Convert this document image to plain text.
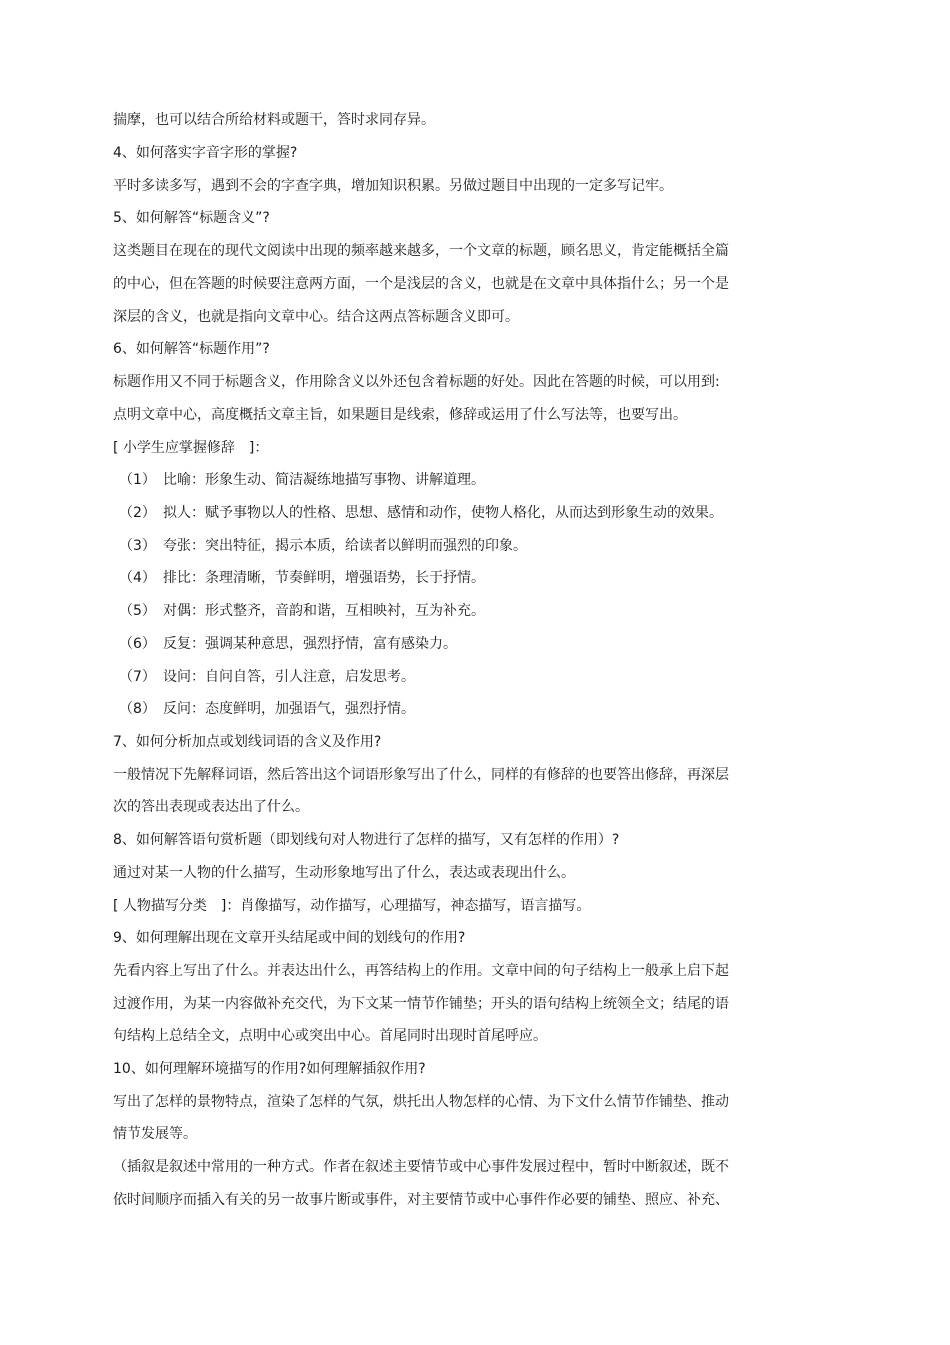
揣摩，也可以结合所给材料或题干，答时求同存异。
4、如何落实字音字形的掌握?
平时多读多写，遇到不会的字查字典，增加知识积累。另做过题目中出现的一定多写记牢。
5、如何解答“标题含义”?
这类题目在现在的现代文阅读中出现的频率越来越多，一个文章的标题，顾名思义，肯定能概括全篇
的中心，但在答题的时候要注意两方面，一个是浅层的含义，也就是在文章中具体指什么；另一个是
深层的含义，也就是指向文章中心。结合这两点答标题含义即可。
6、如何解答“标题作用”?
标题作用又不同于标题含义，作用除含义以外还包含着标题的好处。因此在答题的时候，可以用到:
点明文章中心，高度概括文章主旨，如果题目是线索，修辞或运用了什么写法等，也要写出。
[ 小学生应掌握修辞　]：
（1） 比喻：形象生动、简洁凝练地描写事物、讲解道理。
（2） 拟人：赋予事物以人的性格、思想、感情和动作，使物人格化，从而达到形象生动的效果。
（3） 夸张：突出特征，揭示本质，给读者以鲜明而强烈的印象。
（4） 排比：条理清晰，节奏鲜明，增强语势，长于抒情。
（5） 对偶：形式整齐，音韵和谐，互相映衬，互为补充。
（6） 反复：强调某种意思，强烈抒情，富有感染力。
（7） 设问：自问自答，引人注意，启发思考。
（8） 反问：态度鲜明，加强语气，强烈抒情。
7、如何分析加点或划线词语的含义及作用?
一般情况下先解释词语，然后答出这个词语形象写出了什么，同样的有修辞的也要答出修辞，再深层
次的答出表现或表达出了什么。
8、如何解答语句赏析题（即划线句对人物进行了怎样的描写，又有怎样的作用）?
通过对某一人物的什么描写，生动形象地写出了什么，表达或表现出什么。
[ 人物描写分类　]：肖像描写，动作描写，心理描写，神态描写，语言描写。
9、如何理解出现在文章开头结尾或中间的划线句的作用?
先看内容上写出了什么。并表达出什么，再答结构上的作用。文章中间的句子结构上一般承上启下起
过渡作用，为某一内容做补充交代，为下文某一情节作铺垫；开头的语句结构上统领全文；结尾的语
句结构上总结全文，点明中心或突出中心。首尾同时出现时首尾呼应。
10、如何理解环境描写的作用?如何理解插叙作用?
写出了怎样的景物特点，渲染了怎样的气氛，烘托出人物怎样的心情、为下文什么情节作铺垫、推动
情节发展等。
（插叙是叙述中常用的一种方式。作者在叙述主要情节或中心事件发展过程中，暂时中断叙述，既不
依时间顺序而插入有关的另一故事片断或事件，对主要情节或中心事件作必要的铺垫、照应、补充、
